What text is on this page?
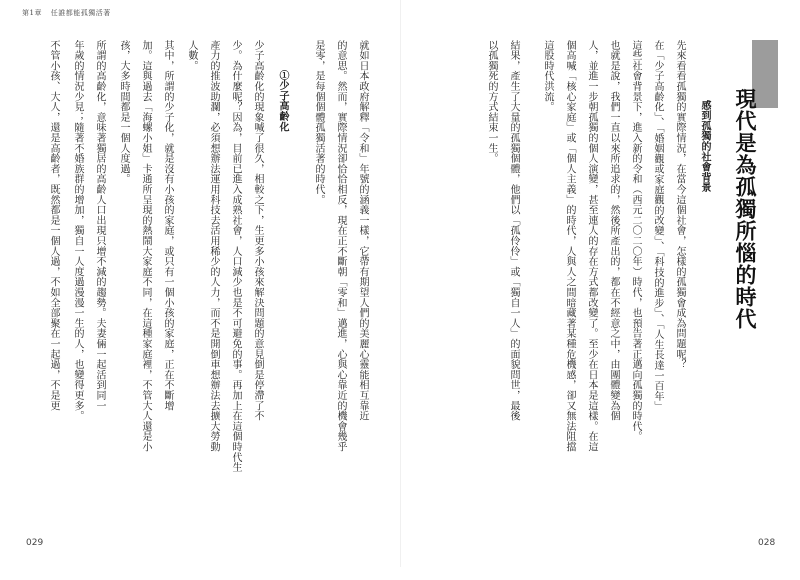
第1章 任誰都能孤獨活著
現代是為孤獨所惱的時代
感到孤獨的社會背景
先來看看孤獨的實際情況，在當今這個社會，怎樣的孤獨會成為問題呢？
在「少子高齡化」、「婚姻觀或家庭觀的改變」、「科技的進步」、「人生長達一百年」
這些社會背景下，進入新的令和（西元二〇二〇年）時代，也預告著正邁向孤獨的時代。
也就是說，我們一直以來所追求的，然後所產出的，都在不經意之中，由團體變為個
人，並進一步朝孤獨的個人演變，甚至連人的存在方式都改變了。至少在日本是這樣。在這
個高喊「核心家庭」或「個人主義」的時代，人與人之間暗藏著某種危機感，卻又無法阻擋
這股時代洪流。
結果，產生了大量的孤獨個體，他們以「孤伶伶」或「獨自一人」的面貌問世，最後
以孤獨死的方式結束一生。
028
就如日本政府解釋「令和」年號的涵義一樣，它帶有期望人們的美麗心靈能相互靠近
的意思。然而，實際情況卻恰恰相反，現在正不斷朝「零和」邁進，心與心靠近的機會幾乎
是零，是每個個體孤獨活著的時代。
①少子高齡化
少子高齡化的現象喊了很久，相較之下，生更多小孩來解決問題的意見倒是停滯了不
少。為什麼呢？因為，目前已進入成熟社會，人口減少也是不可避免的事。再加上在這個時代生
產力的推波助瀾，必須想辦法運用科技去活用稀少的人力，而不是開倒車想辦法去擴大勞動
人數。
其中，所謂的少子化，就是沒有小孩的家庭，或只有一個小孩的家庭，正在不斷增
加。這與過去「海螺小姐」卡通所呈現的熱鬧大家庭不同，在這種家庭裡，不管大人還是小
孩，大多時間都是一個人度過。
所謂的高齡化，意味著獨居的高齡人口出現只增不減的趨勢。夫妻倆一起活到同一
年歲的情況少見；隨著不婚族群的增加，獨自一人度過漫漫一生的人，也變得更多。
不管小孩、大人，還是高齡者，既然都是一個人過，不如全部聚在一起過，不是更
029
